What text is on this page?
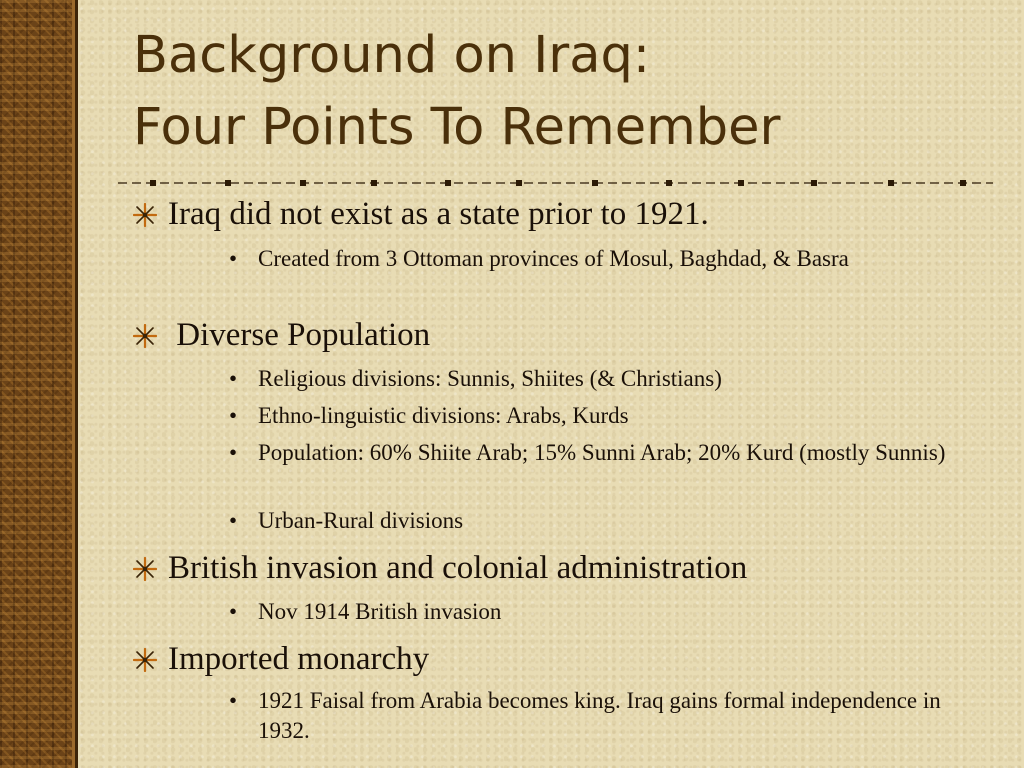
Background on Iraq:
Four Points To Remember
Iraq did not exist as a state prior to 1921.
• Created from 3 Ottoman provinces of Mosul, Baghdad, & Basra
Diverse Population
• Religious divisions: Sunnis, Shiites (& Christians)
• Ethno-linguistic divisions: Arabs, Kurds
• Population: 60% Shiite Arab; 15% Sunni Arab; 20% Kurd (mostly Sunnis)
• Urban-Rural divisions
British invasion and colonial administration
• Nov 1914 British invasion
Imported monarchy
• 1921 Faisal from Arabia becomes king. Iraq gains formal independence in 1932.
